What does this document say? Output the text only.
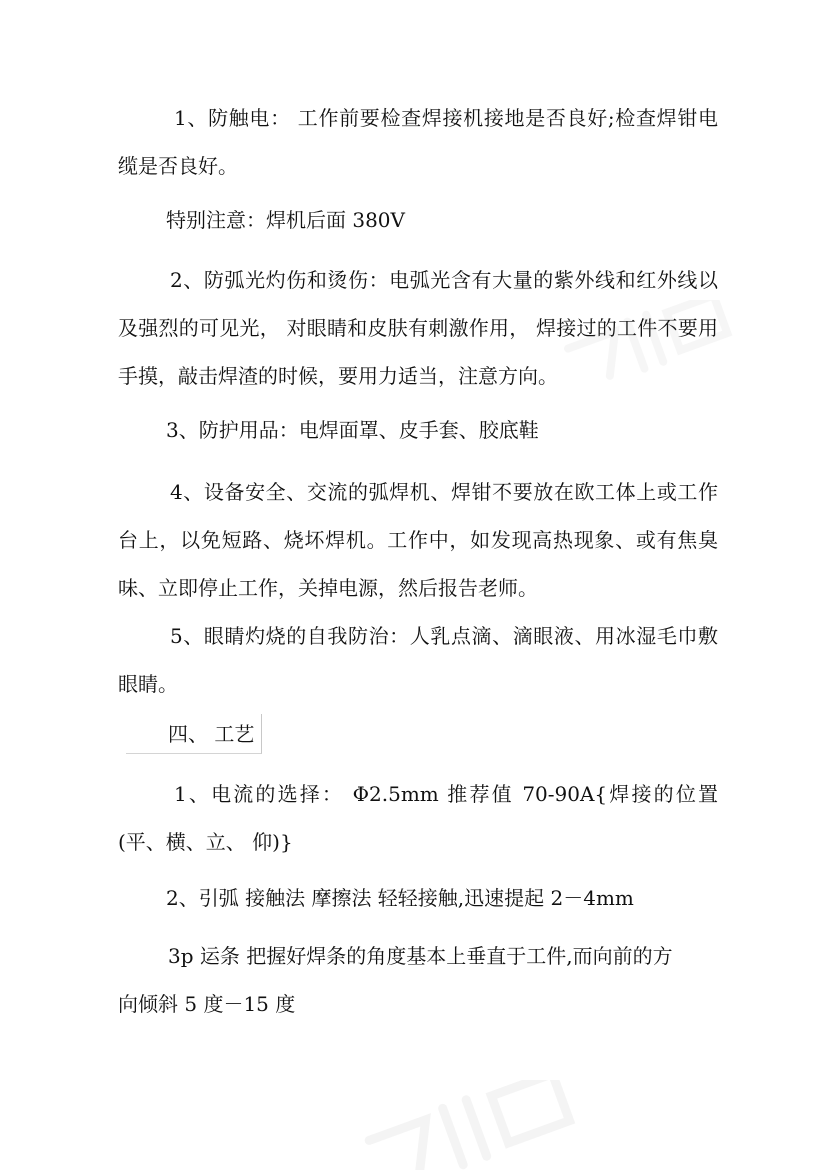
1、防触电： 工作前要检查焊接机接地是否良好;检查焊钳电缆是否良好。

特别注意：焊机后面 380V

2、防弧光灼伤和烫伤：电弧光含有大量的紫外线和红外线以及强烈的可见光， 对眼睛和皮肤有刺激作用， 焊接过的工件不要用手摸，敲击焊渣的时候，要用力适当，注意方向。

3、防护用品：电焊面罩、皮手套、胶底鞋

4、设备安全、交流的弧焊机、焊钳不要放在欧工体上或工作台上，以免短路、烧坏焊机。工作中，如发现高热现象、或有焦臭味、立即停止工作，关掉电源，然后报告老师。

5、眼睛灼烧的自我防治：人乳点滴、滴眼液、用冰湿毛巾敷眼睛。

四、 工艺

1、电流的选择： Φ2.5mm 推荐值 70-90A{焊接的位置(平、横、立、 仰)}

2、引弧 接触法 摩擦法 轻轻接触,迅速提起 2－4mm

3p 运条 把握好焊条的角度基本上垂直于工件,而向前的方

向倾斜 5 度－15 度
